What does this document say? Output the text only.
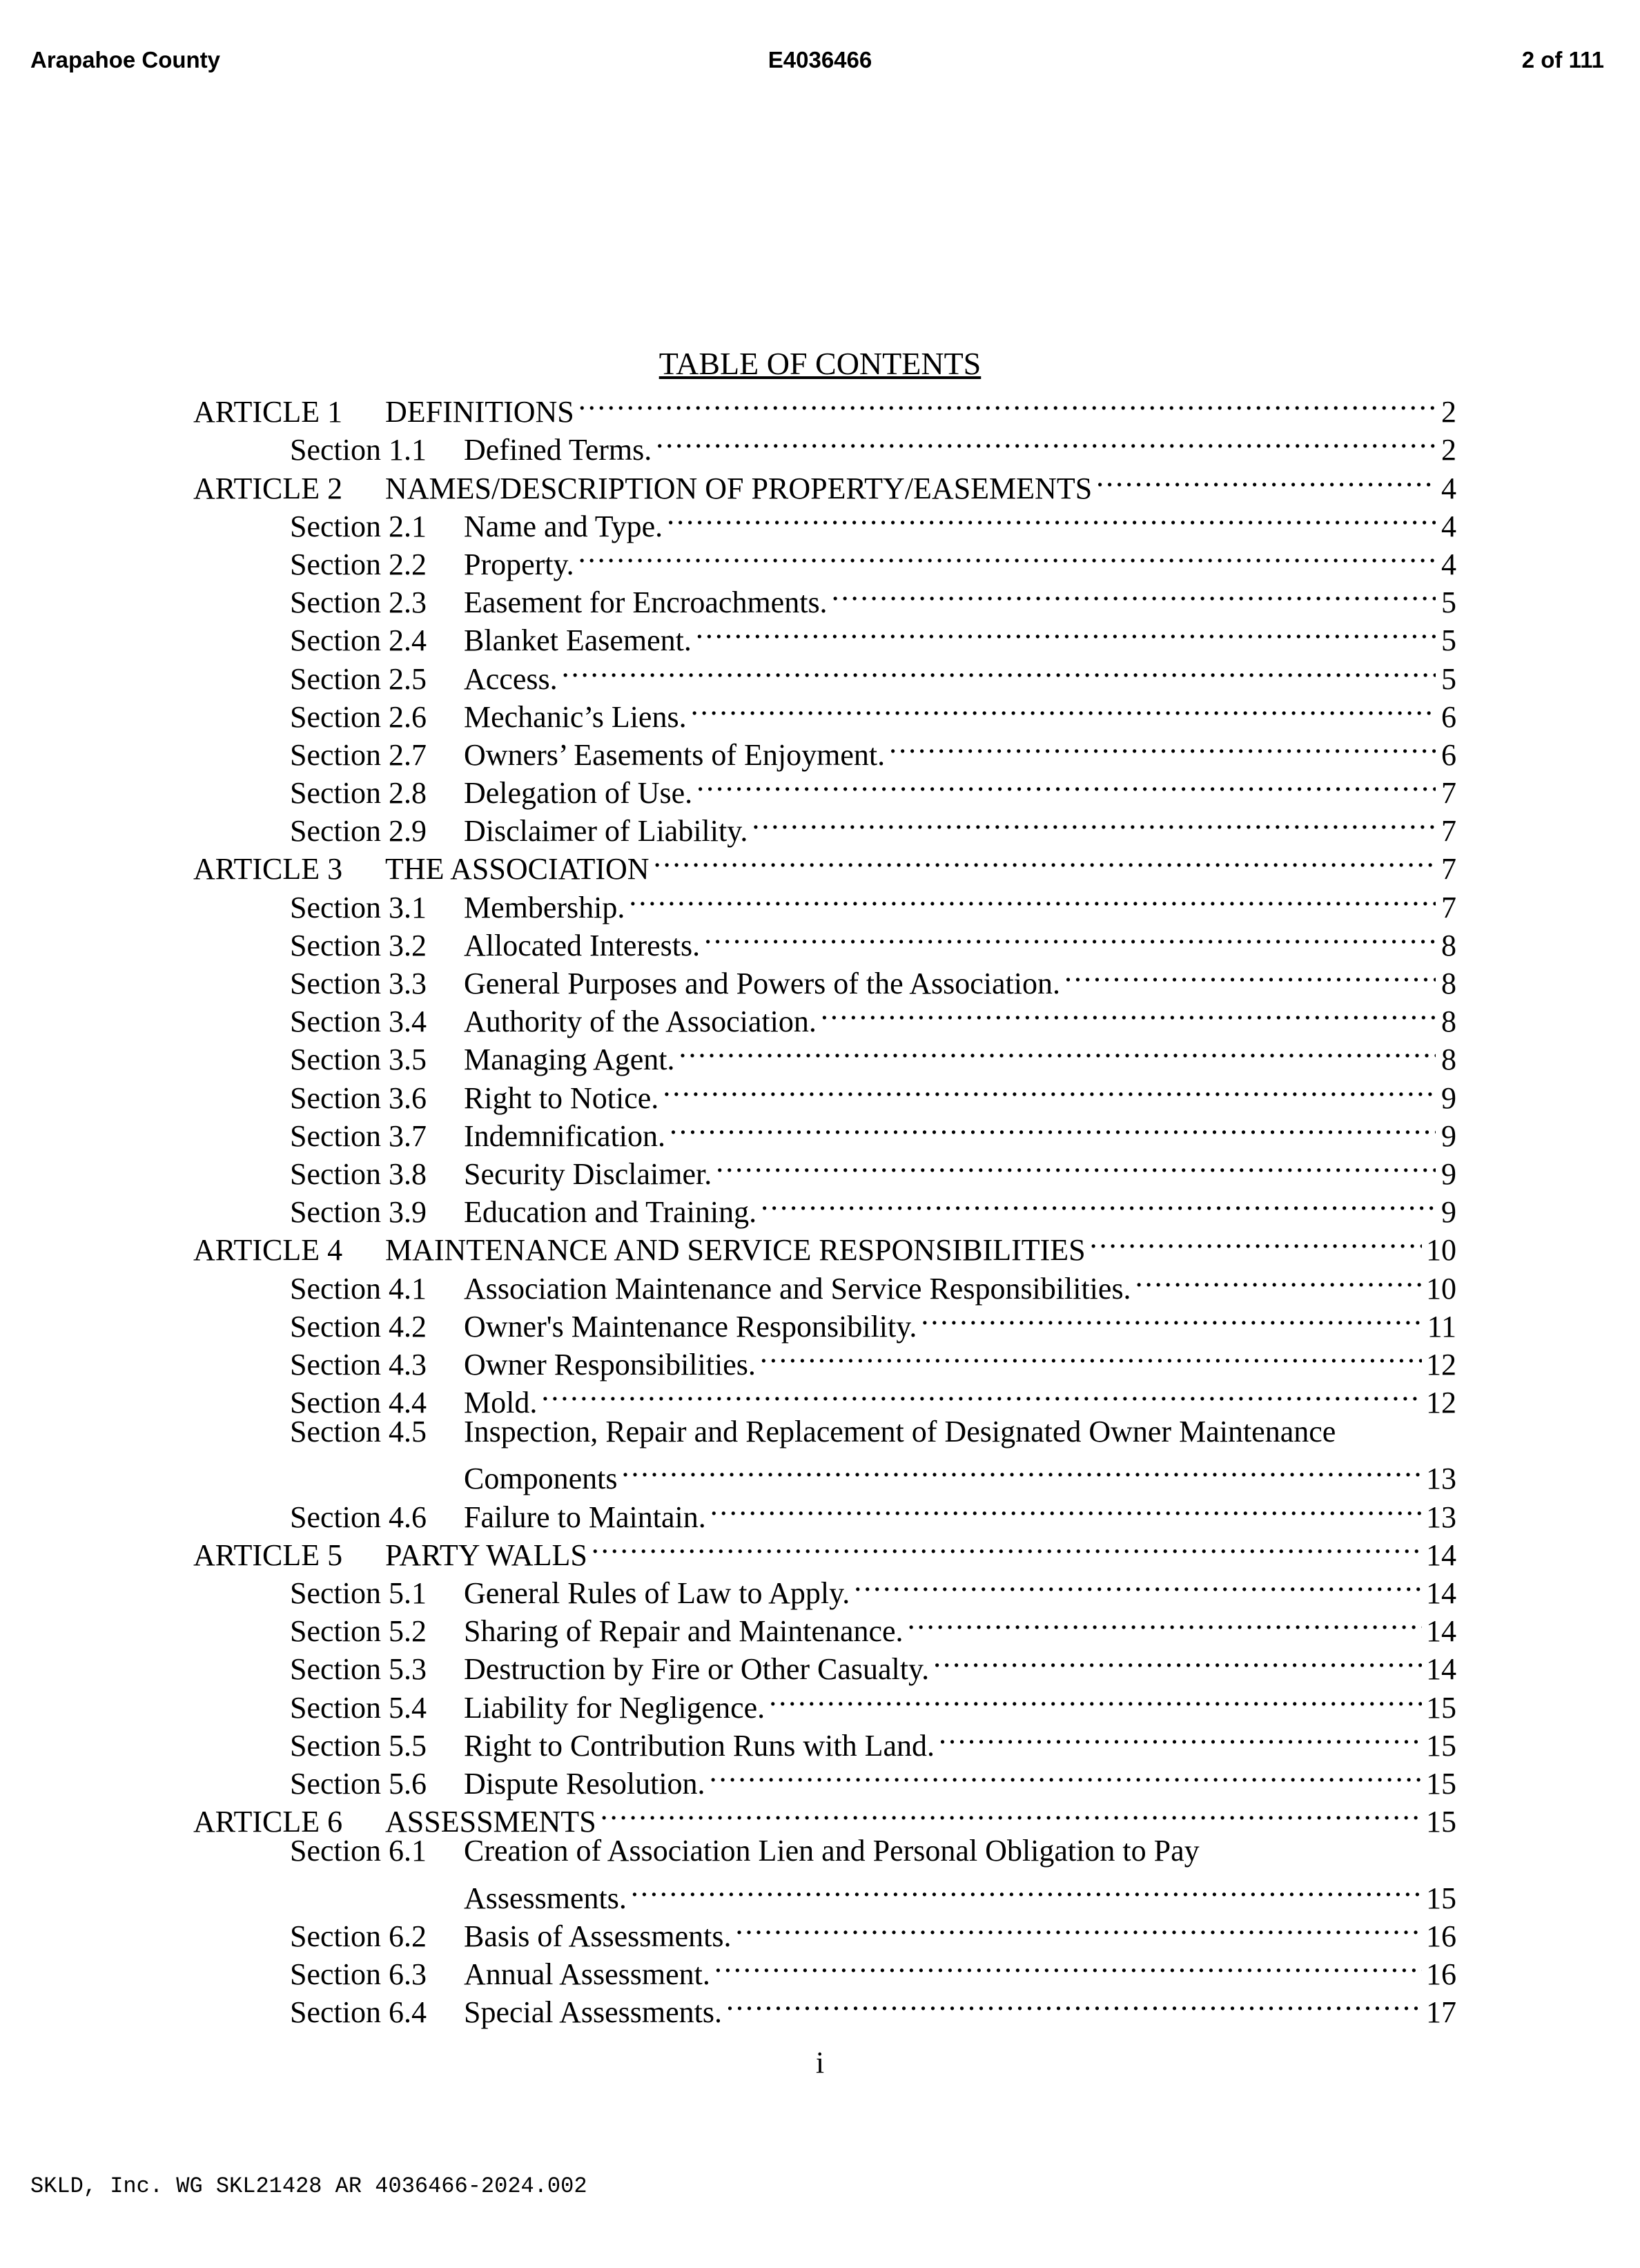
Arapahoe County	E4036466	2 of 111
TABLE OF CONTENTS
ARTICLE 1	DEFINITIONS .....	2
Section 1.1	Defined Terms. .....	2
ARTICLE 2	NAMES/DESCRIPTION OF PROPERTY/EASEMENTS .....	4
Section 2.1	Name and Type. .....	4
Section 2.2	Property. .....	4
Section 2.3	Easement for Encroachments. .....	5
Section 2.4	Blanket Easement. .....	5
Section 2.5	Access. .....	5
Section 2.6	Mechanic’s Liens. .....	6
Section 2.7	Owners’ Easements of Enjoyment. .....	6
Section 2.8	Delegation of Use. .....	7
Section 2.9	Disclaimer of Liability. .....	7
ARTICLE 3	THE ASSOCIATION .....	7
Section 3.1	Membership. .....	7
Section 3.2	Allocated Interests. .....	8
Section 3.3	General Purposes and Powers of the Association. .....	8
Section 3.4	Authority of the Association. .....	8
Section 3.5	Managing Agent. .....	8
Section 3.6	Right to Notice. .....	9
Section 3.7	Indemnification. .....	9
Section 3.8	Security Disclaimer. .....	9
Section 3.9	Education and Training. .....	9
ARTICLE 4	MAINTENANCE AND SERVICE RESPONSIBILITIES .....	10
Section 4.1	Association Maintenance and Service Responsibilities. .....	10
Section 4.2	Owner's Maintenance Responsibility. .....	11
Section 4.3	Owner Responsibilities. .....	12
Section 4.4	Mold. .....	12
Section 4.5	Inspection, Repair and Replacement of Designated Owner Maintenance
Components .....	13
Section 4.6	Failure to Maintain. .....	13
ARTICLE 5	PARTY WALLS .....	14
Section 5.1	General Rules of Law to Apply. .....	14
Section 5.2	Sharing of Repair and Maintenance. .....	14
Section 5.3	Destruction by Fire or Other Casualty. .....	14
Section 5.4	Liability for Negligence. .....	15
Section 5.5	Right to Contribution Runs with Land. .....	15
Section 5.6	Dispute Resolution. .....	15
ARTICLE 6	ASSESSMENTS .....	15
Section 6.1	Creation of Association Lien and Personal Obligation to Pay
Assessments. .....	15
Section 6.2	Basis of Assessments. .....	16
Section 6.3	Annual Assessment. .....	16
Section 6.4	Special Assessments. .....	17
i
SKLD, Inc. WG SKL21428 AR 4036466-2024.002
